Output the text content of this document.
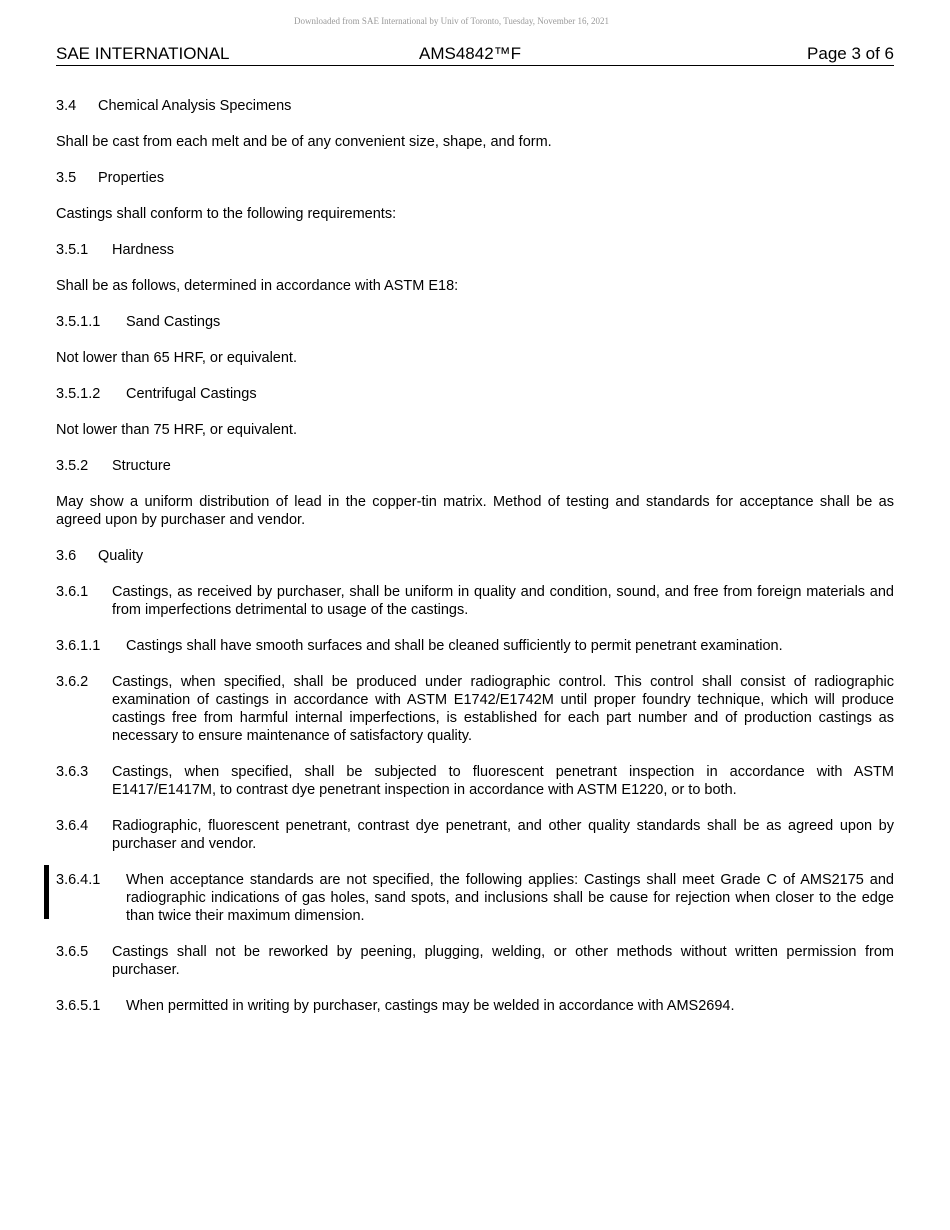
Downloaded from SAE International by Univ of Toronto, Tuesday, November 16, 2021
SAE INTERNATIONAL	AMS4842™F	Page 3 of 6
3.4	Chemical Analysis Specimens

Shall be cast from each melt and be of any convenient size, shape, and form.

3.5	Properties

Castings shall conform to the following requirements:

3.5.1	Hardness

Shall be as follows, determined in accordance with ASTM E18:

3.5.1.1	Sand Castings

Not lower than 65 HRF, or equivalent.

3.5.1.2	Centrifugal Castings

Not lower than 75 HRF, or equivalent.

3.5.2	Structure

May show a uniform distribution of lead in the copper-tin matrix. Method of testing and standards for acceptance shall be as agreed upon by purchaser and vendor.

3.6	Quality
3.6.1	Castings, as received by purchaser, shall be uniform in quality and condition, sound, and free from foreign materials and from imperfections detrimental to usage of the castings.
3.6.1.1	Castings shall have smooth surfaces and shall be cleaned sufficiently to permit penetrant examination.
3.6.2	Castings, when specified, shall be produced under radiographic control. This control shall consist of radiographic examination of castings in accordance with ASTM E1742/E1742M until proper foundry technique, which will produce castings free from harmful internal imperfections, is established for each part number and of production castings as necessary to ensure maintenance of satisfactory quality.
3.6.3	Castings, when specified, shall be subjected to fluorescent penetrant inspection in accordance with ASTM E1417/E1417M, to contrast dye penetrant inspection in accordance with ASTM E1220, or to both.
3.6.4	Radiographic, fluorescent penetrant, contrast dye penetrant, and other quality standards shall be as agreed upon by purchaser and vendor.
3.6.4.1	When acceptance standards are not specified, the following applies: Castings shall meet Grade C of AMS2175 and radiographic indications of gas holes, sand spots, and inclusions shall be cause for rejection when closer to the edge than twice their maximum dimension.
3.6.5	Castings shall not be reworked by peening, plugging, welding, or other methods without written permission from purchaser.
3.6.5.1	When permitted in writing by purchaser, castings may be welded in accordance with AMS2694.
